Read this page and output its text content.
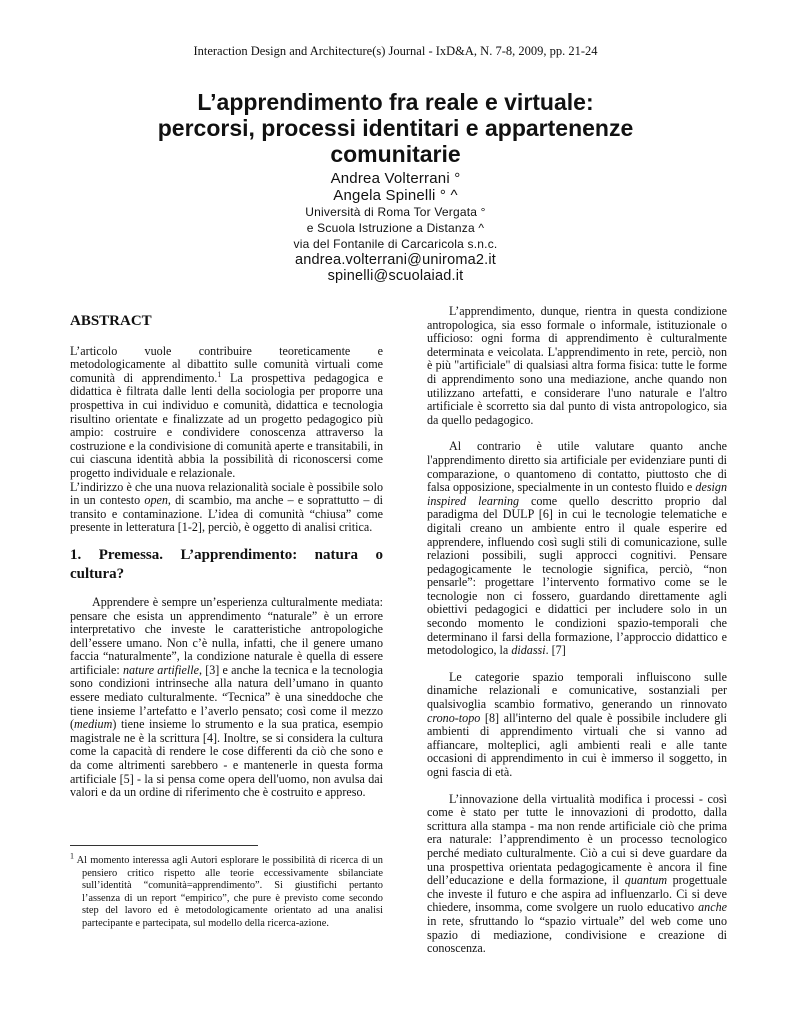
Interaction Design and Architecture(s) Journal - IxD&A, N. 7-8, 2009, pp. 21-24
L’apprendimento fra reale e virtuale:
percorsi, processi identitari e appartenenze
comunitarie
Andrea Volterrani °
Angela Spinelli ° ^
Università di Roma Tor Vergata °
e Scuola Istruzione a Distanza ^
via del Fontanile di Carcaricola s.n.c.
andrea.volterrani@uniroma2.it
spinelli@scuolaiad.it
ABSTRACT

L’articolo vuole contribuire teoreticamente e metodologicamente al dibattito sulle comunità virtuali come comunità di apprendimento.$^1$ La prospettiva pedagogica e didattica è filtrata dalle lenti della sociologia per proporre una prospettiva in cui individuo e comunità, didattica e tecnologia risultino orientate e finalizzate ad un progetto pedagogico più ampio: costruire e condividere conoscenza attraverso la costruzione e la condivisione di comunità aperte e transitabili, in cui ciascuna identità abbia la possibilità di riconoscersi come progetto individuale e relazionale.

L’indirizzo è che una nuova relazionalità sociale è possibile solo in un contesto open, di scambio, ma anche – e soprattutto – di transito e contaminazione. L’idea di comunità “chiusa” come presente in letteratura [1-2], perciò, è oggetto di analisi critica.

1. Premessa. L’apprendimento: natura o cultura?

Apprendere è sempre un’esperienza culturalmente mediata: pensare che esista un apprendimento “naturale” è un errore interpretativo che investe le caratteristiche antropologiche dell’essere umano. Non c’è nulla, infatti, che il genere umano faccia “naturalmente”, la condizione naturale è quella di essere artificiale: nature artifielle, [3] e anche la tecnica e la tecnologia sono condizioni intrinseche alla natura dell’umano in quanto essere mediato culturalmente. “Tecnica” è una sineddoche che tiene insieme l’artefatto e l’averlo pensato; così come il mezzo (medium) tiene insieme lo strumento e la sua pratica, esempio magistrale ne è la scrittura [4]. Inoltre, se si considera la cultura come la capacità di rendere le cose differenti da ciò che sono e da come altrimenti sarebbero - e mantenerle in questa forma artificiale [5] - la si pensa come opera dell'uomo, non avulsa dai valori e da un ordine di riferimento che è costruito e appreso.

$^1$ Al momento interessa agli Autori esplorare le possibilità di ricerca di un pensiero critico rispetto alle teorie eccessivamente sbilanciate sull’identità “comunità=apprendimento”. Si giustifichi pertanto l’assenza di un report “empirico”, che pure è previsto come secondo step del lavoro ed è metodologicamente orientato ad una analisi partecipante e partecipata, sul modello della ricerca-azione.

L’apprendimento, dunque, rientra in questa condizione antropologica, sia esso formale o informale, istituzionale o ufficioso: ogni forma di apprendimento è culturalmente determinata e veicolata. L'apprendimento in rete, perciò, non è più "artificiale" di qualsiasi altra forma fisica: tutte le forme di apprendimento sono una mediazione, anche quando non utilizzano artefatti, e considerare l'uno naturale e l'altro artificiale è scorretto sia dal punto di vista antropologico, sia da quello pedagogico.

Al contrario è utile valutare quanto anche l'apprendimento diretto sia artificiale per evidenziare punti di comparazione, o quantomeno di contatto, piuttosto che di falsa opposizione, specialmente in un contesto fluido e design inspired learning come quello descritto proprio dal paradigma del DULP [6] in cui le tecnologie telematiche e digitali creano un ambiente entro il quale esperire ed apprendere, influendo così sugli stili di comunicazione, sulle relazioni possibili, sugli approcci cognitivi. Pensare pedagogicamente le tecnologie significa, perciò, “non pensarle”: progettare l’intervento formativo come se le tecnologie non ci fossero, guardando direttamente agli obiettivi pedagogici e didattici per includere solo in un secondo momento le condizioni spazio-temporali che determinano il farsi della formazione, l’approccio didattico e metodologico, la didassi. [7]

Le categorie spazio temporali influiscono sulle dinamiche relazionali e comunicative, sostanziali per qualsivoglia scambio formativo, generando un rinnovato crono-topo [8] all'interno del quale è possibile includere gli ambienti di apprendimento virtuali che si vanno ad affiancare, molteplici, agli ambienti reali e alle tante occasioni di apprendimento in cui è immerso il soggetto, in ogni fascia di età.

L’innovazione della virtualità modifica i processi - così come è stato per tutte le innovazioni di prodotto, dalla scrittura alla stampa - ma non rende artificiale ciò che prima era naturale: l’apprendimento è un processo tecnologico perché mediato culturalmente. Ciò a cui si deve guardare da una prospettiva orientata pedagogicamente è ancora il fine dell’educazione e della formazione, il quantum progettuale che investe il futuro e che aspira ad influenzarlo. Ci si deve chiedere, insomma, come svolgere un ruolo educativo anche in rete, sfruttando lo “spazio virtuale” del web come uno spazio di mediazione, condivisione e creazione di conoscenza.
